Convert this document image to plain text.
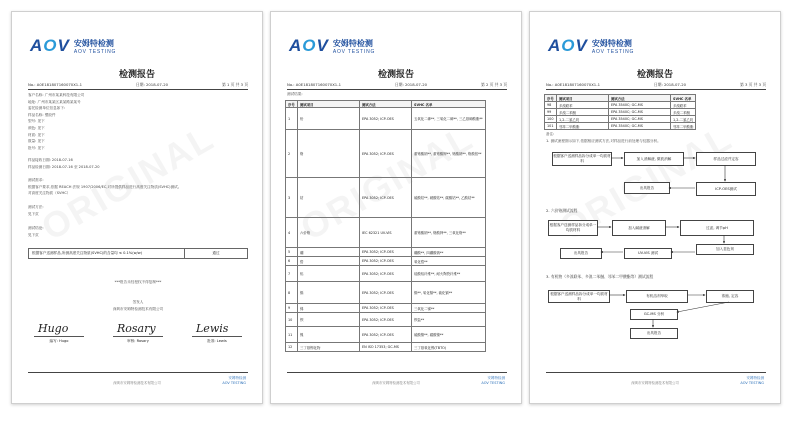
AOV 安姆特检测
AOV TESTING
检测报告
No.: A0E181807160070X1-1	日期: 2018-07-20	第 1 页 共 3 页
客户名称: 广州市某某科技有限公司
地址: 广州市某某区某某路某某号
委托检测单位信息如下:
样品名称: 塑胶件
型号: 见下
颜色: 见下
材质: 见下
数量: 见下
批号: 见下
样品接收日期: 2018-07-16
样品检测日期: 2018-07-16 至 2018-07-20
测试需求:
根据客户要求,依据 REACH 法规 1907/2006/EC,对所提供样品进行高度关注物质(SVHC)测试。
对高度关注物质（SVHC）
测试方法:
见下页
测试结论:
见下页
根据客户送测样品,所测高度关注物质(SVHC)的含量均 ≤ 0.1%(w/w)	通过
***报告未经授权不得复制***
签发人
深圳市安姆特检测技术有限公司
Hugo
编写: Hugo
Rosary
审核: Rosary
Lewis
批准: Lewis
深圳市安姆特检测技术有限公司
安姆特检测
AOV TESTING
AOV 安姆特检测
AOV TESTING
检测报告
No.: A0E181807160070X1-1	日期: 2018-07-20	第 2 页 共 3 页
测试结果:
序号	测试项目	测试方法	SVHC 名单
1	铅	EPA 3052; ICP-OES	五氧化二砷**, 三氧化二砷**, 三乙基砷酸酯**
2	铬	EPA 3052; ICP-OES	重铬酸钠**, 重铬酸钾**, 铬酸钠**, 铬酸铵**
3	钴	EPA 3052; ICP-OES	硫酸钴**, 硝酸钴**, 碳酸钴**, 乙酸钴**
4	六价铬	IEC 62321 UV-VIS	重铬酸钠**, 铬酸钾**, 三氧化铬**
5	硼	EPA 3052; ICP-OES	硼酸**, 四硼酸钠**
6	锆	EPA 3052; ICP-OES	氧化锆**
7	铝	EPA 3052; ICP-OES	硅酸铝纤维**, 耐火陶瓷纤维**
8	镉	EPA 3052; ICP-OES	镉**, 氧化镉**, 硫化镉**
9	锑	EPA 3052; ICP-OES	三氧化二锑**
10	钡	EPA 3052; ICP-OES	钡盐**
11	镍	EPA 3052; ICP-OES	硫酸镍**, 碳酸镍**
12	三丁基锡化物	EN ISO 17353; GC-MS	三丁基氧化锡(TBTO)
深圳市安姆特检测技术有限公司
安姆特检测
AOV TESTING
AOV 安姆特检测
AOV TESTING
检测报告
No.: A0E181807160070X1-1	日期: 2018-07-20	第 3 页 共 3 页
序号	测试项目	测试方法	SVHC 名单
98	多溴联苯	EPA 3540C; GC-MS	多溴联苯
99	多溴二苯醚	EPA 3540C; GC-MS	多溴二苯醚
100	1,2-二氯乙烷	EPA 3540C; GC-MS	1,2-二氯乙烷
101	邻苯二甲酸酯	EPA 3540C; GC-MS	邻苯二甲酸酯
备注:
1. 测试流程图示如下,依据相应测试方法,对样品进行前处理与仪器分析。
根据客户送测样品拆分成单一均质材料
加入消解液, 微波消解	样品过滤并定容
ICP-OES测试
出具报告
2. 六价铬测试流程
根据客户送测样品拆分成单一均质材料
加入碱液消解	过滤, 调节pH
加入显色剂
UV-VIS 测试
出具报告
3. 有机物（多溴联苯、多溴二苯醚、邻苯二甲酸酯等）测试流程
根据客户送测样品拆分成单一均质材料
有机溶剂萃取	浓缩, 定容
GC-MS 分析
出具报告
深圳市安姆特检测技术有限公司
安姆特检测
AOV TESTING
